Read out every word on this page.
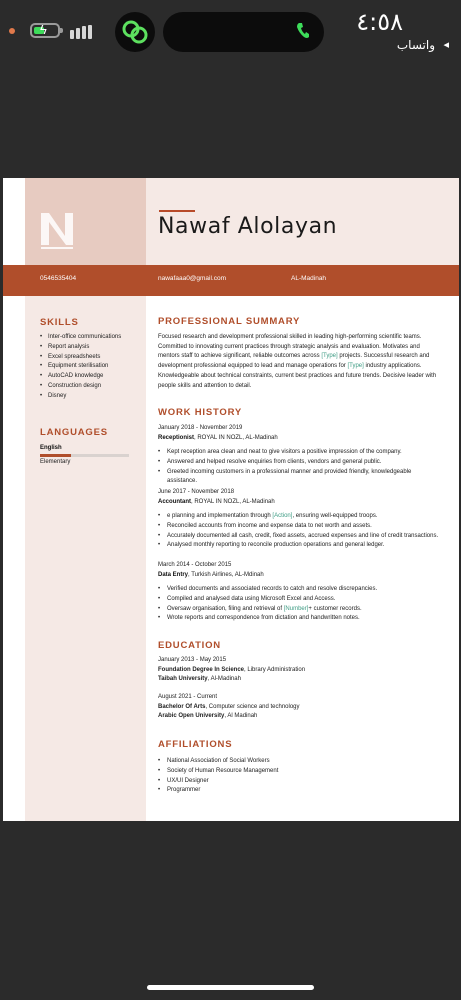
ϟ	٤:٥٨
واتساب ◂
Nawaf Alolayan
0546535404	nawafaaa0@gmail.com	AL-Madinah
SKILLS
• Inter-office communications
• Report analysis
• Excel spreadsheets
• Equipment sterilisation
• AutoCAD knowledge
• Construction design
• Disney
LANGUAGES
English
Elementary
PROFESSIONAL SUMMARY
Focused research and development professional skilled in leading high-performing scientific teams. Committed to innovating current practices through strategic analysis and evaluation. Motivates and mentors staff to achieve significant, reliable outcomes across [Type] projects. Successful research and development professional equipped to lead and manage operations for [Type] industry applications. Knowledgeable about technical constraints, current best practices and future trends. Decisive leader with people skills and attention to detail.
WORK HISTORY
January 2018 - November 2019
Receptionist, ROYAL IN NOZL, AL-Madinah
• Kept reception area clean and neat to give visitors a positive impression of the company.
• Answered and helped resolve enquiries from clients, vendors and general public.
• Greeted incoming customers in a professional manner and provided friendly, knowledgeable assistance.
June 2017 - November 2018
Accountant, ROYAL IN NOZL, AL-Madinah
• e planning and implementation through [Action], ensuring well-equipped troops.
• Reconciled accounts from income and expense data to net worth and assets.
• Accurately documented all cash, credit, fixed assets, accrued expenses and line of credit transactions.
• Analysed monthly reporting to reconcile production operations and general ledger.
March 2014 - October 2015
Data Entry, Turkish Airlines, AL-Mdinah
• Verified documents and associated records to catch and resolve discrepancies.
• Compiled and analysed data using Microsoft Excel and Access.
• Oversaw organisation, filing and retrieval of [Number]+ customer records.
• Wrote reports and correspondence from dictation and handwritten notes.
EDUCATION
January 2013 - May 2015
Foundation Degree In Science, Library Administration
Taibah University, Al-Madinah
August 2021 - Current
Bachelor Of Arts, Computer science and technology
Arabic Open University, Al Madinah
AFFILIATIONS
• National Association of Social Workers
• Society of Human Resource Management
• UX/UI Designer
• Programmer
